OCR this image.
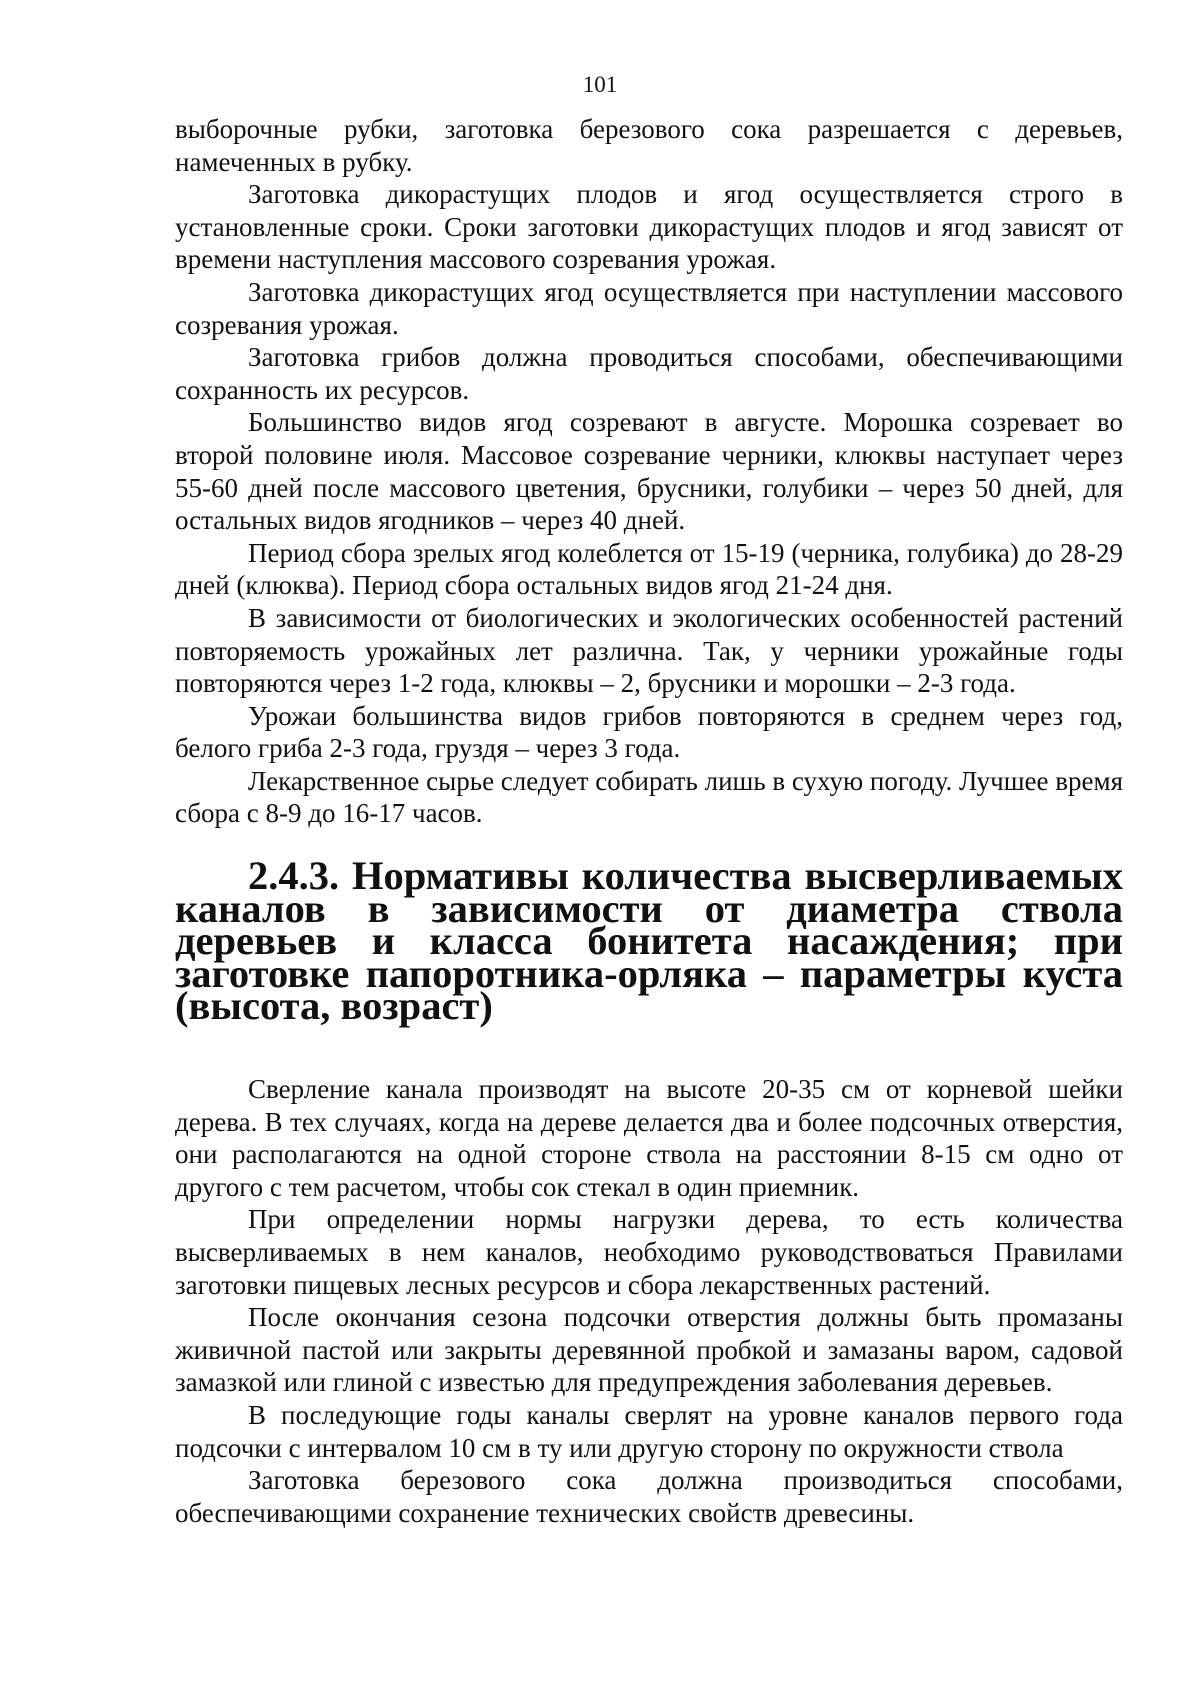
101

выборочные рубки, заготовка березового сока разрешается с деревьев, намеченных в рубку.

Заготовка дикорастущих плодов и ягод осуществляется строго в установленные сроки. Сроки заготовки дикорастущих плодов и ягод зависят от времени наступления массового созревания урожая.

Заготовка дикорастущих ягод осуществляется при наступлении массового созревания урожая.

Заготовка грибов должна проводиться способами, обеспечивающими сохранность их ресурсов.

Большинство видов ягод созревают в августе. Морошка созревает во второй половине июля. Массовое созревание черники, клюквы наступает через 55-60 дней после массового цветения, брусники, голубики – через 50 дней, для остальных видов ягодников – через 40 дней.

Период сбора зрелых ягод колеблется от 15-19 (черника, голубика) до 28-29 дней (клюква). Период сбора остальных видов ягод 21-24 дня.

В зависимости от биологических и экологических особенностей растений повторяемость урожайных лет различна. Так, у черники урожайные годы повторяются через 1-2 года, клюквы – 2, брусники и морошки – 2-3 года.

Урожаи большинства видов грибов повторяются в среднем через год, белого гриба 2-3 года, груздя – через 3 года.

Лекарственное сырье следует собирать лишь в сухую погоду. Лучшее время сбора с 8-9 до 16-17 часов.

2.4.3. Нормативы количества высверливаемых каналов в зависимости от диаметра ствола деревьев и класса бонитета насаждения; при заготовке папоротника-орляка – параметры куста (высота, возраст)

Сверление канала производят на высоте 20-35 см от корневой шейки дерева. В тех случаях, когда на дереве делается два и более подсочных отверстия, они располагаются на одной стороне ствола на расстоянии 8-15 см одно от другого с тем расчетом, чтобы сок стекал в один приемник.

При определении нормы нагрузки дерева, то есть количества высверливаемых в нем каналов, необходимо руководствоваться Правилами заготовки пищевых лесных ресурсов и сбора лекарственных растений.

После окончания сезона подсочки отверстия должны быть промазаны живичной пастой или закрыты деревянной пробкой и замазаны варом, садовой замазкой или глиной с известью для предупреждения заболевания деревьев.

В последующие годы каналы сверлят на уровне каналов первого года подсочки с интервалом 10 см в ту или другую сторону по окружности ствола

Заготовка березового сока должна производиться способами, обеспечивающими сохранение технических свойств древесины.
